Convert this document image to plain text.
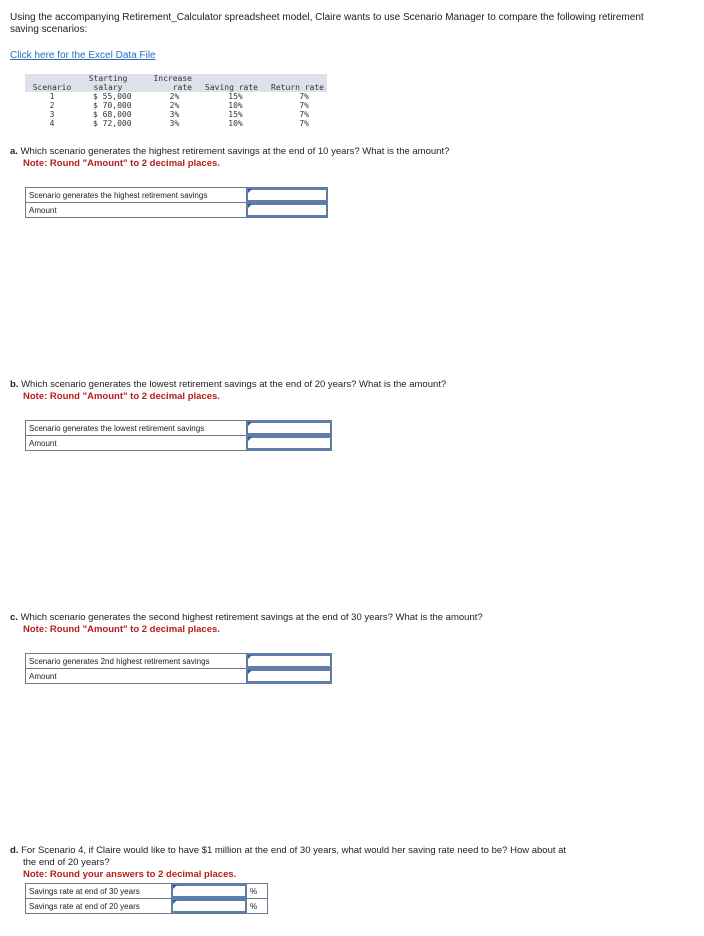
Using the accompanying Retirement_Calculator spreadsheet model, Claire wants to use Scenario Manager to compare the following retirement saving scenarios:
Click here for the Excel Data File
Scenario	Starting salary	Increase rate	Saving rate	Return rate
1	$ 55,000	2%	15%	7%
2	$ 70,000	2%	10%	7%
3	$ 68,000	3%	15%	7%
4	$ 72,000	3%	10%	7%
a. Which scenario generates the highest retirement savings at the end of 10 years? What is the amount?
Note: Round "Amount" to 2 decimal places.
Scenario generates the highest retirement savings	
Amount	
b. Which scenario generates the lowest retirement savings at the end of 20 years? What is the amount?
Note: Round "Amount" to 2 decimal places.
Scenario generates the lowest retirement savings	
Amount	
c. Which scenario generates the second highest retirement savings at the end of 30 years? What is the amount?
Note: Round "Amount" to 2 decimal places.
Scenario generates 2nd highest retirement savings	
Amount	
d. For Scenario 4, if Claire would like to have $1 million at the end of 30 years, what would her saving rate need to be? How about at
the end of 20 years?
Note: Round your answers to 2 decimal places.
Savings rate at end of 30 years		%
Savings rate at end of 20 years		%
